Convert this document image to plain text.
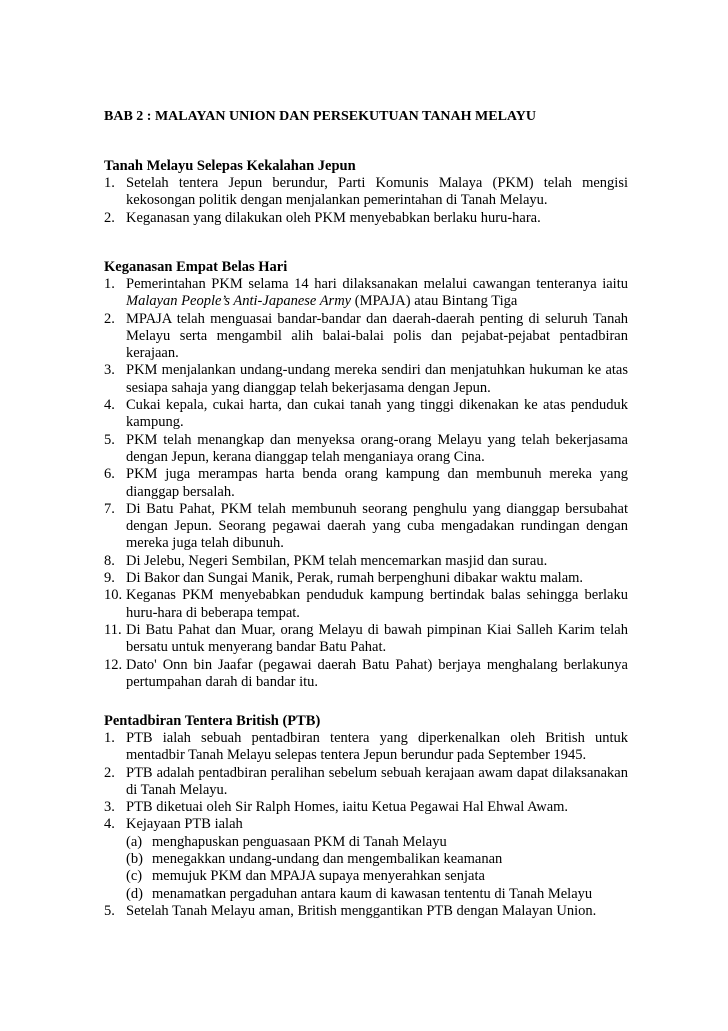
BAB 2 : MALAYAN UNION DAN PERSEKUTUAN TANAH MELAYU
Tanah Melayu Selepas Kekalahan Jepun
1. Setelah tentera Jepun berundur, Parti Komunis Malaya (PKM) telah mengisi kekosongan politik dengan menjalankan pemerintahan di Tanah Melayu.
2. Keganasan yang dilakukan oleh PKM menyebabkan berlaku huru-hara.
Keganasan Empat Belas Hari
1. Pemerintahan PKM selama 14 hari dilaksanakan melalui cawangan tenteranya iaitu Malayan People’s Anti-Japanese Army (MPAJA) atau Bintang Tiga
2. MPAJA telah menguasai bandar-bandar dan daerah-daerah penting di seluruh Tanah Melayu serta mengambil alih balai-balai polis dan pejabat-pejabat pentadbiran kerajaan.
3. PKM menjalankan undang-undang mereka sendiri dan menjatuhkan hukuman ke atas sesiapa sahaja yang dianggap telah bekerjasama dengan Jepun.
4. Cukai kepala, cukai harta, dan cukai tanah yang tinggi dikenakan ke atas penduduk kampung.
5. PKM telah menangkap dan menyeksa orang-orang Melayu yang telah bekerjasama dengan Jepun, kerana dianggap telah menganiaya orang Cina.
6. PKM juga merampas harta benda orang kampung dan membunuh mereka yang dianggap bersalah.
7. Di Batu Pahat, PKM telah membunuh seorang penghulu yang dianggap bersubahat dengan Jepun. Seorang pegawai daerah yang cuba mengadakan rundingan dengan mereka juga telah dibunuh.
8. Di Jelebu, Negeri Sembilan, PKM telah mencemarkan masjid dan surau.
9. Di Bakor dan Sungai Manik, Perak, rumah berpenghuni dibakar waktu malam.
10. Keganas PKM menyebabkan penduduk kampung bertindak balas sehingga berlaku huru-hara di beberapa tempat.
11. Di Batu Pahat dan Muar, orang Melayu di bawah pimpinan Kiai Salleh Karim telah bersatu untuk menyerang bandar Batu Pahat.
12. Dato' Onn bin Jaafar (pegawai daerah Batu Pahat) berjaya menghalang berlakunya pertumpahan darah di bandar itu.
Pentadbiran Tentera British (PTB)
1. PTB ialah sebuah pentadbiran tentera yang diperkenalkan oleh British untuk mentadbir Tanah Melayu selepas tentera Jepun berundur pada September 1945.
2. PTB adalah pentadbiran peralihan sebelum sebuah kerajaan awam dapat dilaksanakan di Tanah Melayu.
3. PTB diketuai oleh Sir Ralph Homes, iaitu Ketua Pegawai Hal Ehwal Awam.
4. Kejayaan PTB ialah
(a) menghapuskan penguasaan PKM di Tanah Melayu
(b) menegakkan undang-undang dan mengembalikan keamanan
(c) memujuk PKM dan MPAJA supaya menyerahkan senjata
(d) menamatkan pergaduhan antara kaum di kawasan tententu di Tanah Melayu
5. Setelah Tanah Melayu aman, British menggantikan PTB dengan Malayan Union.
